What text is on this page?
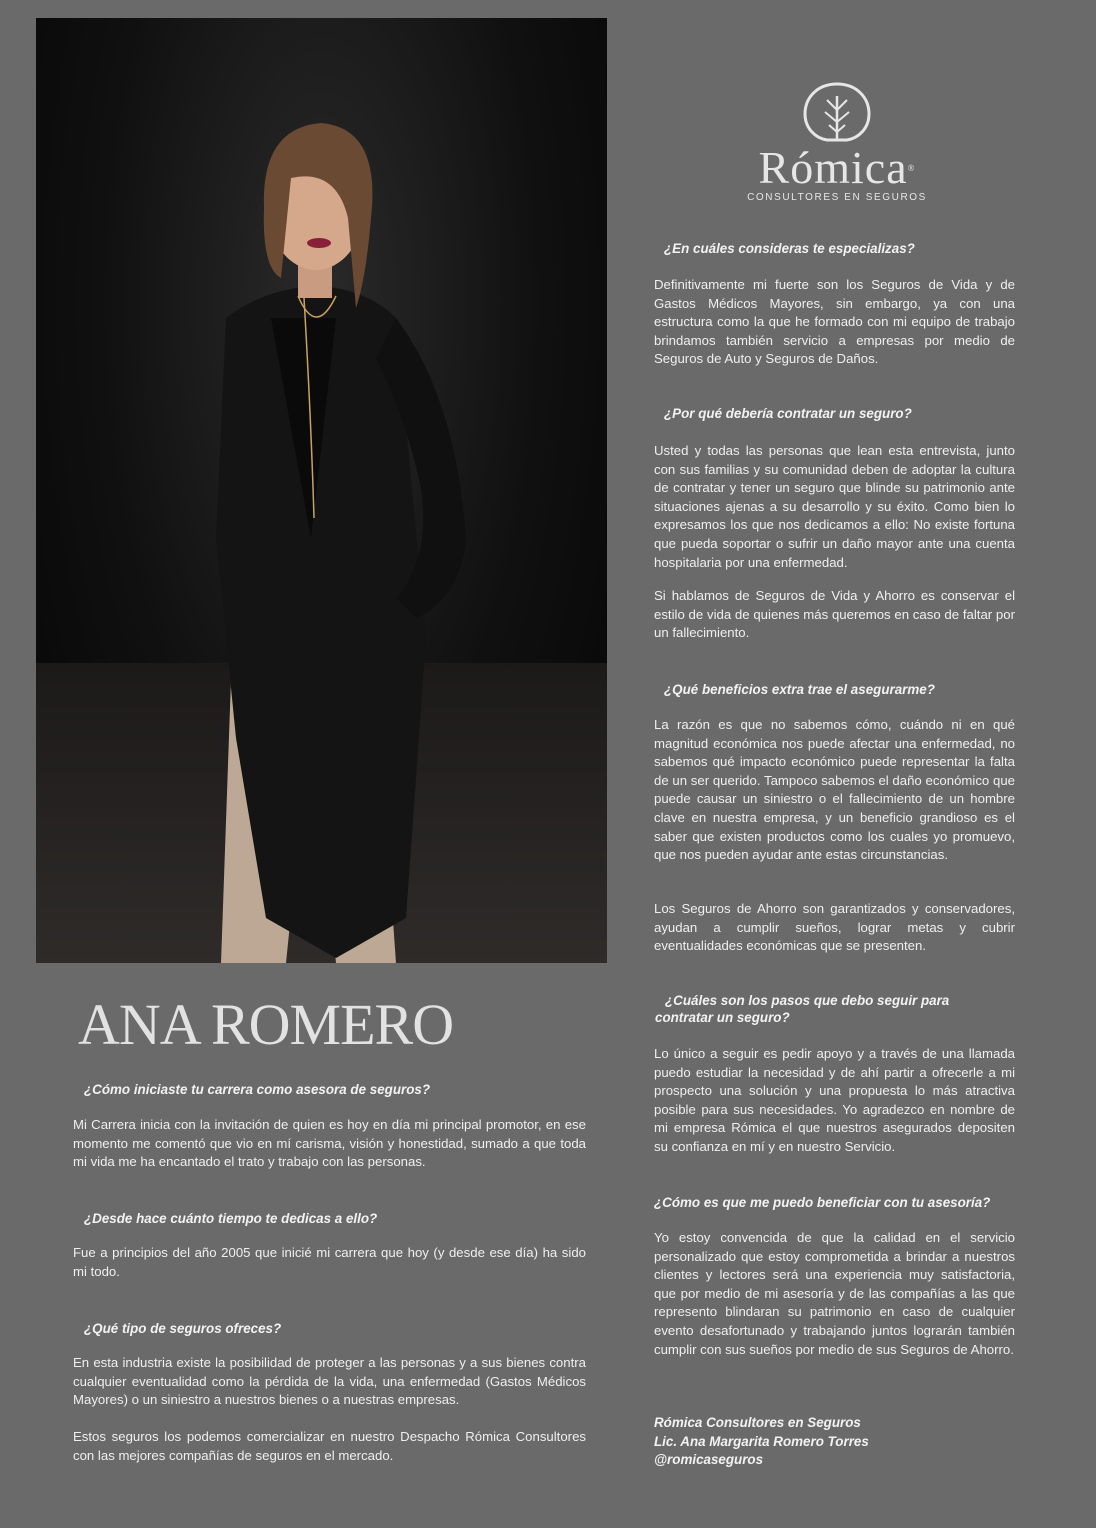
Rómica®
CONSULTORES EN SEGUROS
ANA ROMERO

¿Cómo iniciaste tu carrera como asesora de seguros?

Mi Carrera inicia con la invitación de quien es hoy en día mi principal promotor, en ese momento me comentó que vio en mí carisma, visión y honestidad, sumado a que toda mi vida me ha encantado el trato y trabajo con las personas.

¿Desde hace cuánto tiempo te dedicas a ello?

Fue a principios del año 2005 que inicié mi carrera que hoy (y desde ese día) ha sido mi todo.

¿Qué tipo de seguros ofreces?

En esta industria existe la posibilidad de proteger a las personas y a sus bienes contra cualquier eventualidad como la pérdida de la vida, una enfermedad (Gastos Médicos Mayores) o un siniestro a nuestros bienes o a nuestras empresas.

Estos seguros los podemos comercializar en nuestro Despacho Rómica Consultores con las mejores compañías de seguros en el mercado.

¿En cuáles consideras te especializas?

Definitivamente mi fuerte son los Seguros de Vida y de Gastos Médicos Mayores, sin embargo, ya con una estructura como la que he formado con mi equipo de trabajo brindamos también servicio a empresas por medio de Seguros de Auto y Seguros de Daños.

¿Por qué debería contratar un seguro?

Usted y todas las personas que lean esta entrevista, junto con sus familias y su comunidad deben de adoptar la cultura de contratar y tener un seguro que blinde su patrimonio ante situaciones ajenas a su desarrollo y su éxito. Como bien lo expresamos los que nos dedicamos a ello: No existe fortuna que pueda soportar o sufrir un daño mayor ante una cuenta hospitalaria por una enfermedad.

Si hablamos de Seguros de Vida y Ahorro es conservar el estilo de vida de quienes más queremos en caso de faltar por un fallecimiento.

¿Qué beneficios extra trae el asegurarme?

La razón es que no sabemos cómo, cuándo ni en qué magnitud económica nos puede afectar una enfermedad, no sabemos qué impacto económico puede representar la falta de un ser querido. Tampoco sabemos el daño económico que puede causar un siniestro o el fallecimiento de un hombre clave en nuestra empresa, y un beneficio grandioso es el saber que existen productos como los cuales yo promuevo, que nos pueden ayudar ante estas circunstancias.

Los Seguros de Ahorro son garantizados y conservadores, ayudan a cumplir sueños, lograr metas y cubrir eventualidades económicas que se presenten.

¿Cuáles son los pasos que debo seguir para contratar un seguro?

Lo único a seguir es pedir apoyo y a través de una llamada puedo estudiar la necesidad y de ahí partir a ofrecerle a mi prospecto una solución y una propuesta lo más atractiva posible para sus necesidades. Yo agradezco en nombre de mi empresa Rómica el que nuestros asegurados depositen su confianza en mí y en nuestro Servicio.

¿Cómo es que me puedo beneficiar con tu asesoría?

Yo estoy convencida de que la calidad en el servicio personalizado que estoy comprometida a brindar a nuestros clientes y lectores será una experiencia muy satisfactoria, que por medio de mi asesoría y de las compañías a las que represento blindaran su patrimonio en caso de cualquier evento desafortunado y trabajando juntos lograrán también cumplir con sus sueños por medio de sus Seguros de Ahorro.

Rómica Consultores en Seguros
Lic. Ana Margarita Romero Torres
@romicaseguros
